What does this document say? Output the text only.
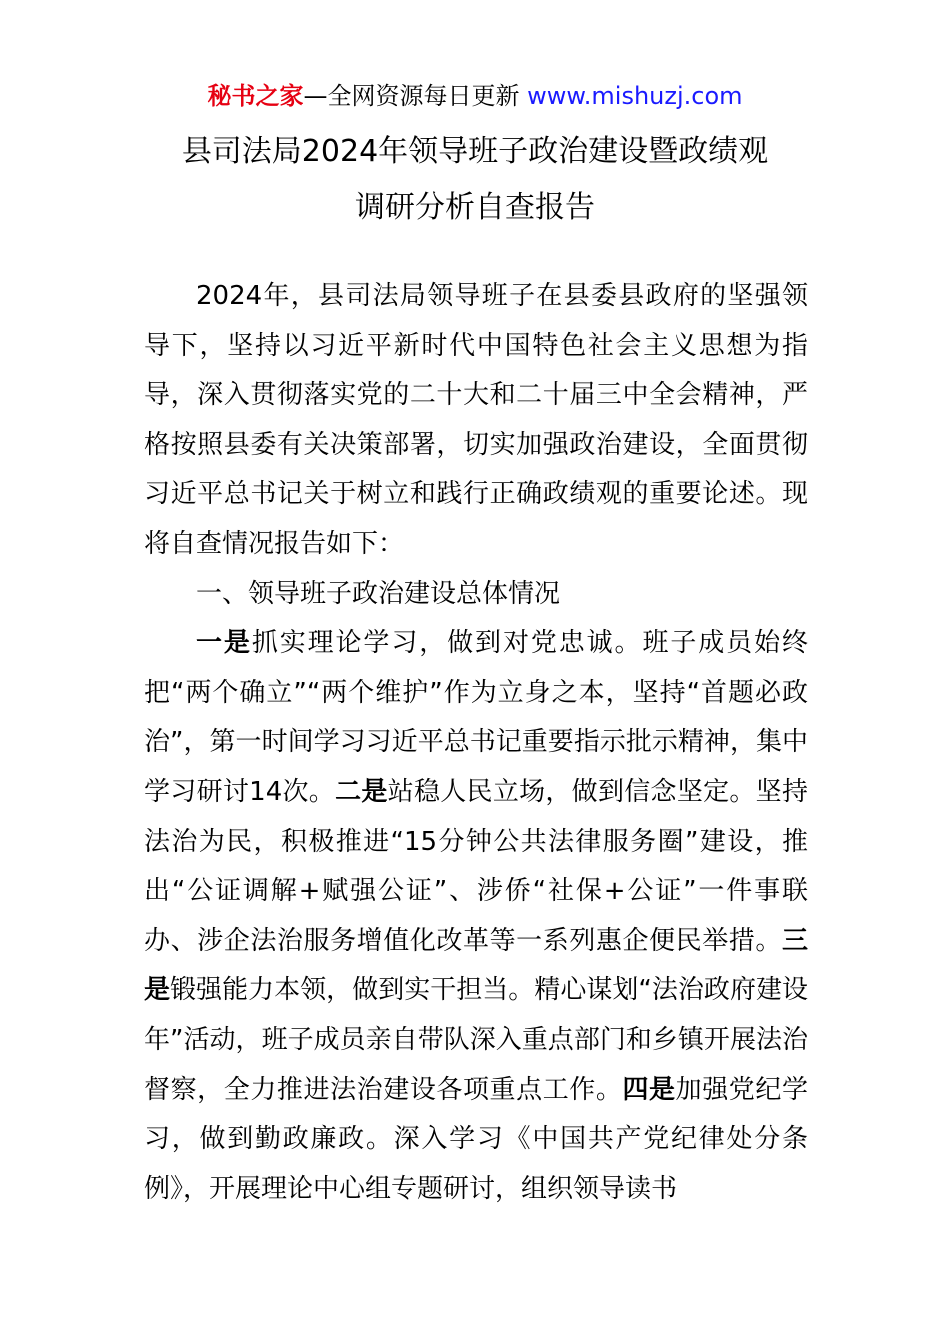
秘书之家—全网资源每日更新 www.mishuzj.com
县司法局2024年领导班子政治建设暨政绩观
调研分析自查报告

2024年，县司法局领导班子在县委县政府的坚强领导下，坚持以习近平新时代中国特色社会主义思想为指导，深入贯彻落实党的二十大和二十届三中全会精神，严格按照县委有关决策部署，切实加强政治建设，全面贯彻习近平总书记关于树立和践行正确政绩观的重要论述。现将自查情况报告如下：

一、领导班子政治建设总体情况

一是抓实理论学习，做到对党忠诚。班子成员始终把“两个确立”“两个维护”作为立身之本，坚持“首题必政治”，第一时间学习习近平总书记重要指示批示精神，集中学习研讨14次。二是站稳人民立场，做到信念坚定。坚持法治为民，积极推进“15分钟公共法律服务圈”建设，推出“公证调解+赋强公证”、涉侨“社保+公证”一件事联办、涉企法治服务增值化改革等一系列惠企便民举措。三是锻强能力本领，做到实干担当。精心谋划“法治政府建设年”活动，班子成员亲自带队深入重点部门和乡镇开展法治督察，全力推进法治建设各项重点工作。四是加强党纪学习，做到勤政廉政。深入学习《中国共产党纪律处分条例》，开展理论中心组专题研讨，组织领导读书
